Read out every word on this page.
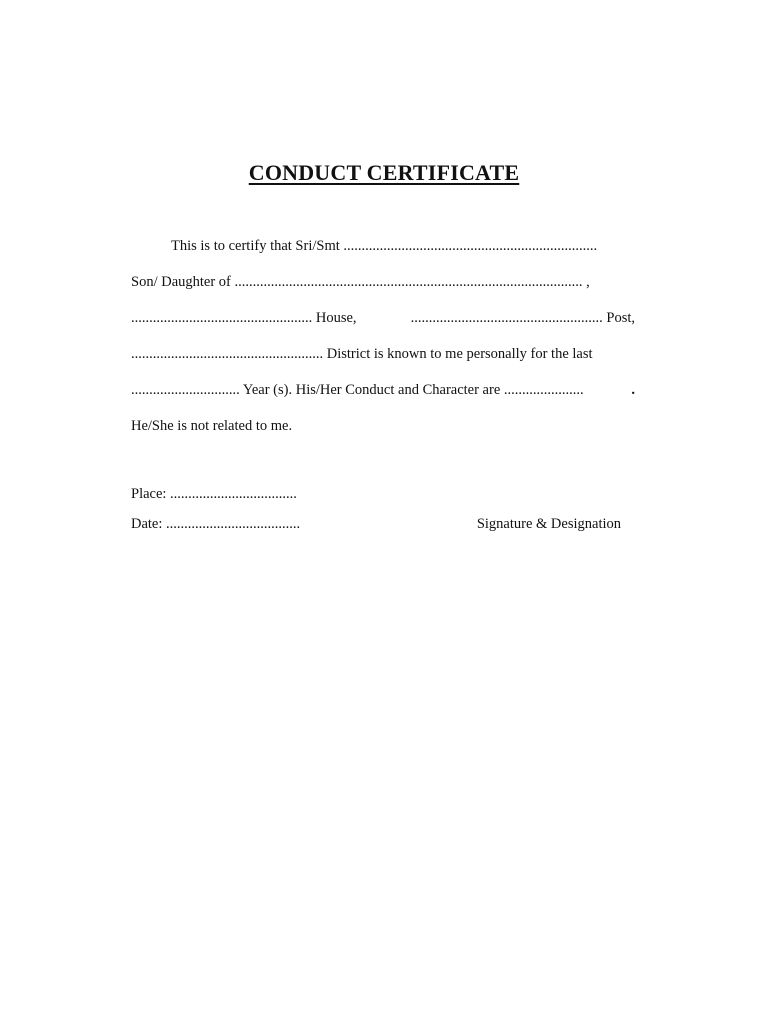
CONDUCT CERTIFICATE
This is to certify that Sri/Smt ......................................................................
Son/ Daughter of ................................................................................................ ,
.................................................. House,	..................................................... Post,
..................................................... District is known to me personally for the last
.............................. Year (s). His/Her Conduct and Character are ......................	.
He/She is not related to me.
Place: ...................................
Date: .....................................	Signature & Designation
